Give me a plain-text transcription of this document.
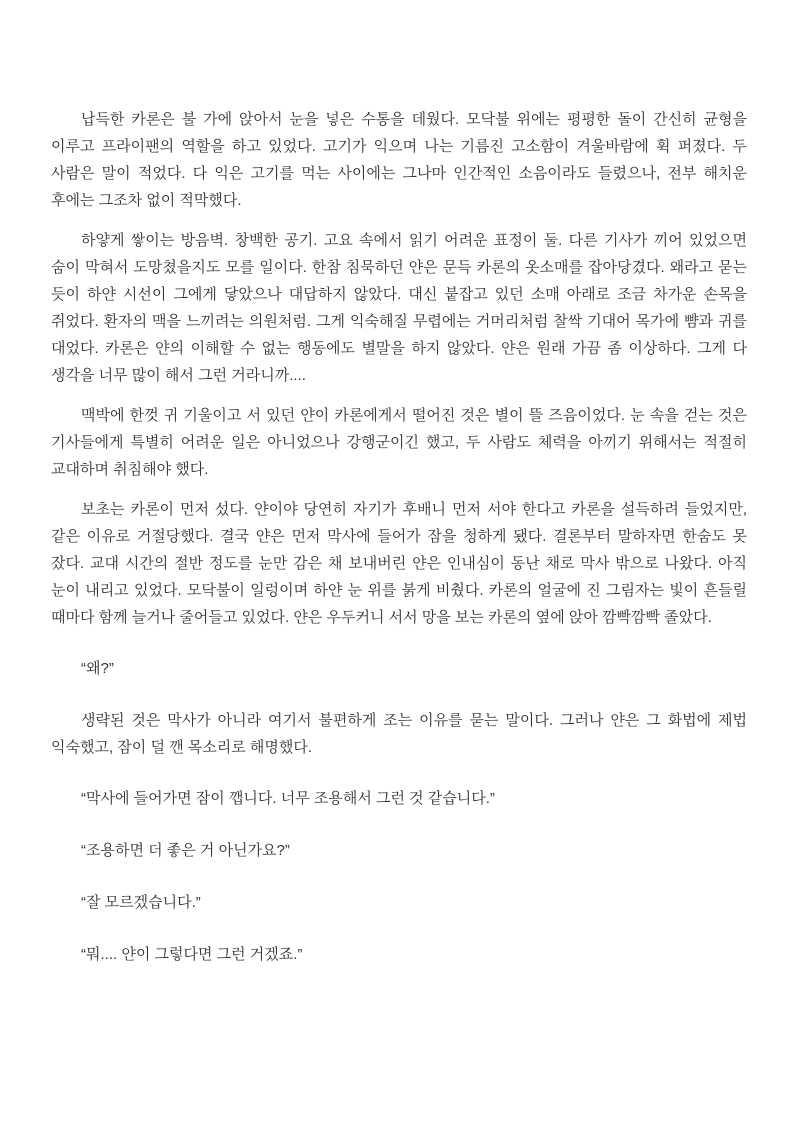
납득한 카론은 불 가에 앉아서 눈을 넣은 수통을 데웠다. 모닥불 위에는 평평한 돌이 간신히 균형을 이루고 프라이팬의 역할을 하고 있었다. 고기가 익으며 나는 기름진 고소함이 겨울바람에 휙 퍼졌다. 두 사람은 말이 적었다. 다 익은 고기를 먹는 사이에는 그나마 인간적인 소음이라도 들렸으나, 전부 해치운 후에는 그조차 없이 적막했다.

하얗게 쌓이는 방음벽. 창백한 공기. 고요 속에서 읽기 어려운 표정이 둘. 다른 기사가 끼어 있었으면 숨이 막혀서 도망쳤을지도 모를 일이다. 한참 침묵하던 얀은 문득 카론의 옷소매를 잡아당겼다. 왜라고 묻는 듯이 하얀 시선이 그에게 닿았으나 대답하지 않았다. 대신 붙잡고 있던 소매 아래로 조금 차가운 손목을 쥐었다. 환자의 맥을 느끼려는 의원처럼. 그게 익숙해질 무렵에는 거머리처럼 찰싹 기대어 목가에 뺨과 귀를 대었다. 카론은 얀의 이해할 수 없는 행동에도 별말을 하지 않았다. 얀은 원래 가끔 좀 이상하다. 그게 다 생각을 너무 많이 해서 그런 거라니까....

맥박에 한껏 귀 기울이고 서 있던 얀이 카론에게서 떨어진 것은 별이 뜰 즈음이었다. 눈 속을 걷는 것은 기사들에게 특별히 어려운 일은 아니었으나 강행군이긴 했고, 두 사람도 체력을 아끼기 위해서는 적절히 교대하며 취침해야 했다.

보초는 카론이 먼저 섰다. 얀이야 당연히 자기가 후배니 먼저 서야 한다고 카론을 설득하려 들었지만, 같은 이유로 거절당했다. 결국 얀은 먼저 막사에 들어가 잠을 청하게 됐다. 결론부터 말하자면 한숨도 못 잤다. 교대 시간의 절반 정도를 눈만 감은 채 보내버린 얀은 인내심이 동난 채로 막사 밖으로 나왔다. 아직 눈이 내리고 있었다. 모닥불이 일렁이며 하얀 눈 위를 붉게 비췄다. 카론의 얼굴에 진 그림자는 빛이 흔들릴 때마다 함께 늘거나 줄어들고 있었다. 얀은 우두커니 서서 망을 보는 카론의 옆에 앉아 깜빡깜빡 졸았다.

“왜?”

생략된 것은 막사가 아니라 여기서 불편하게 조는 이유를 묻는 말이다. 그러나 얀은 그 화법에 제법 익숙했고, 잠이 덜 깬 목소리로 해명했다.

“막사에 들어가면 잠이 깹니다. 너무 조용해서 그런 것 같습니다.”

“조용하면 더 좋은 거 아닌가요?”

“잘 모르겠습니다.”

“뭐.... 얀이 그렇다면 그런 거겠죠.”
